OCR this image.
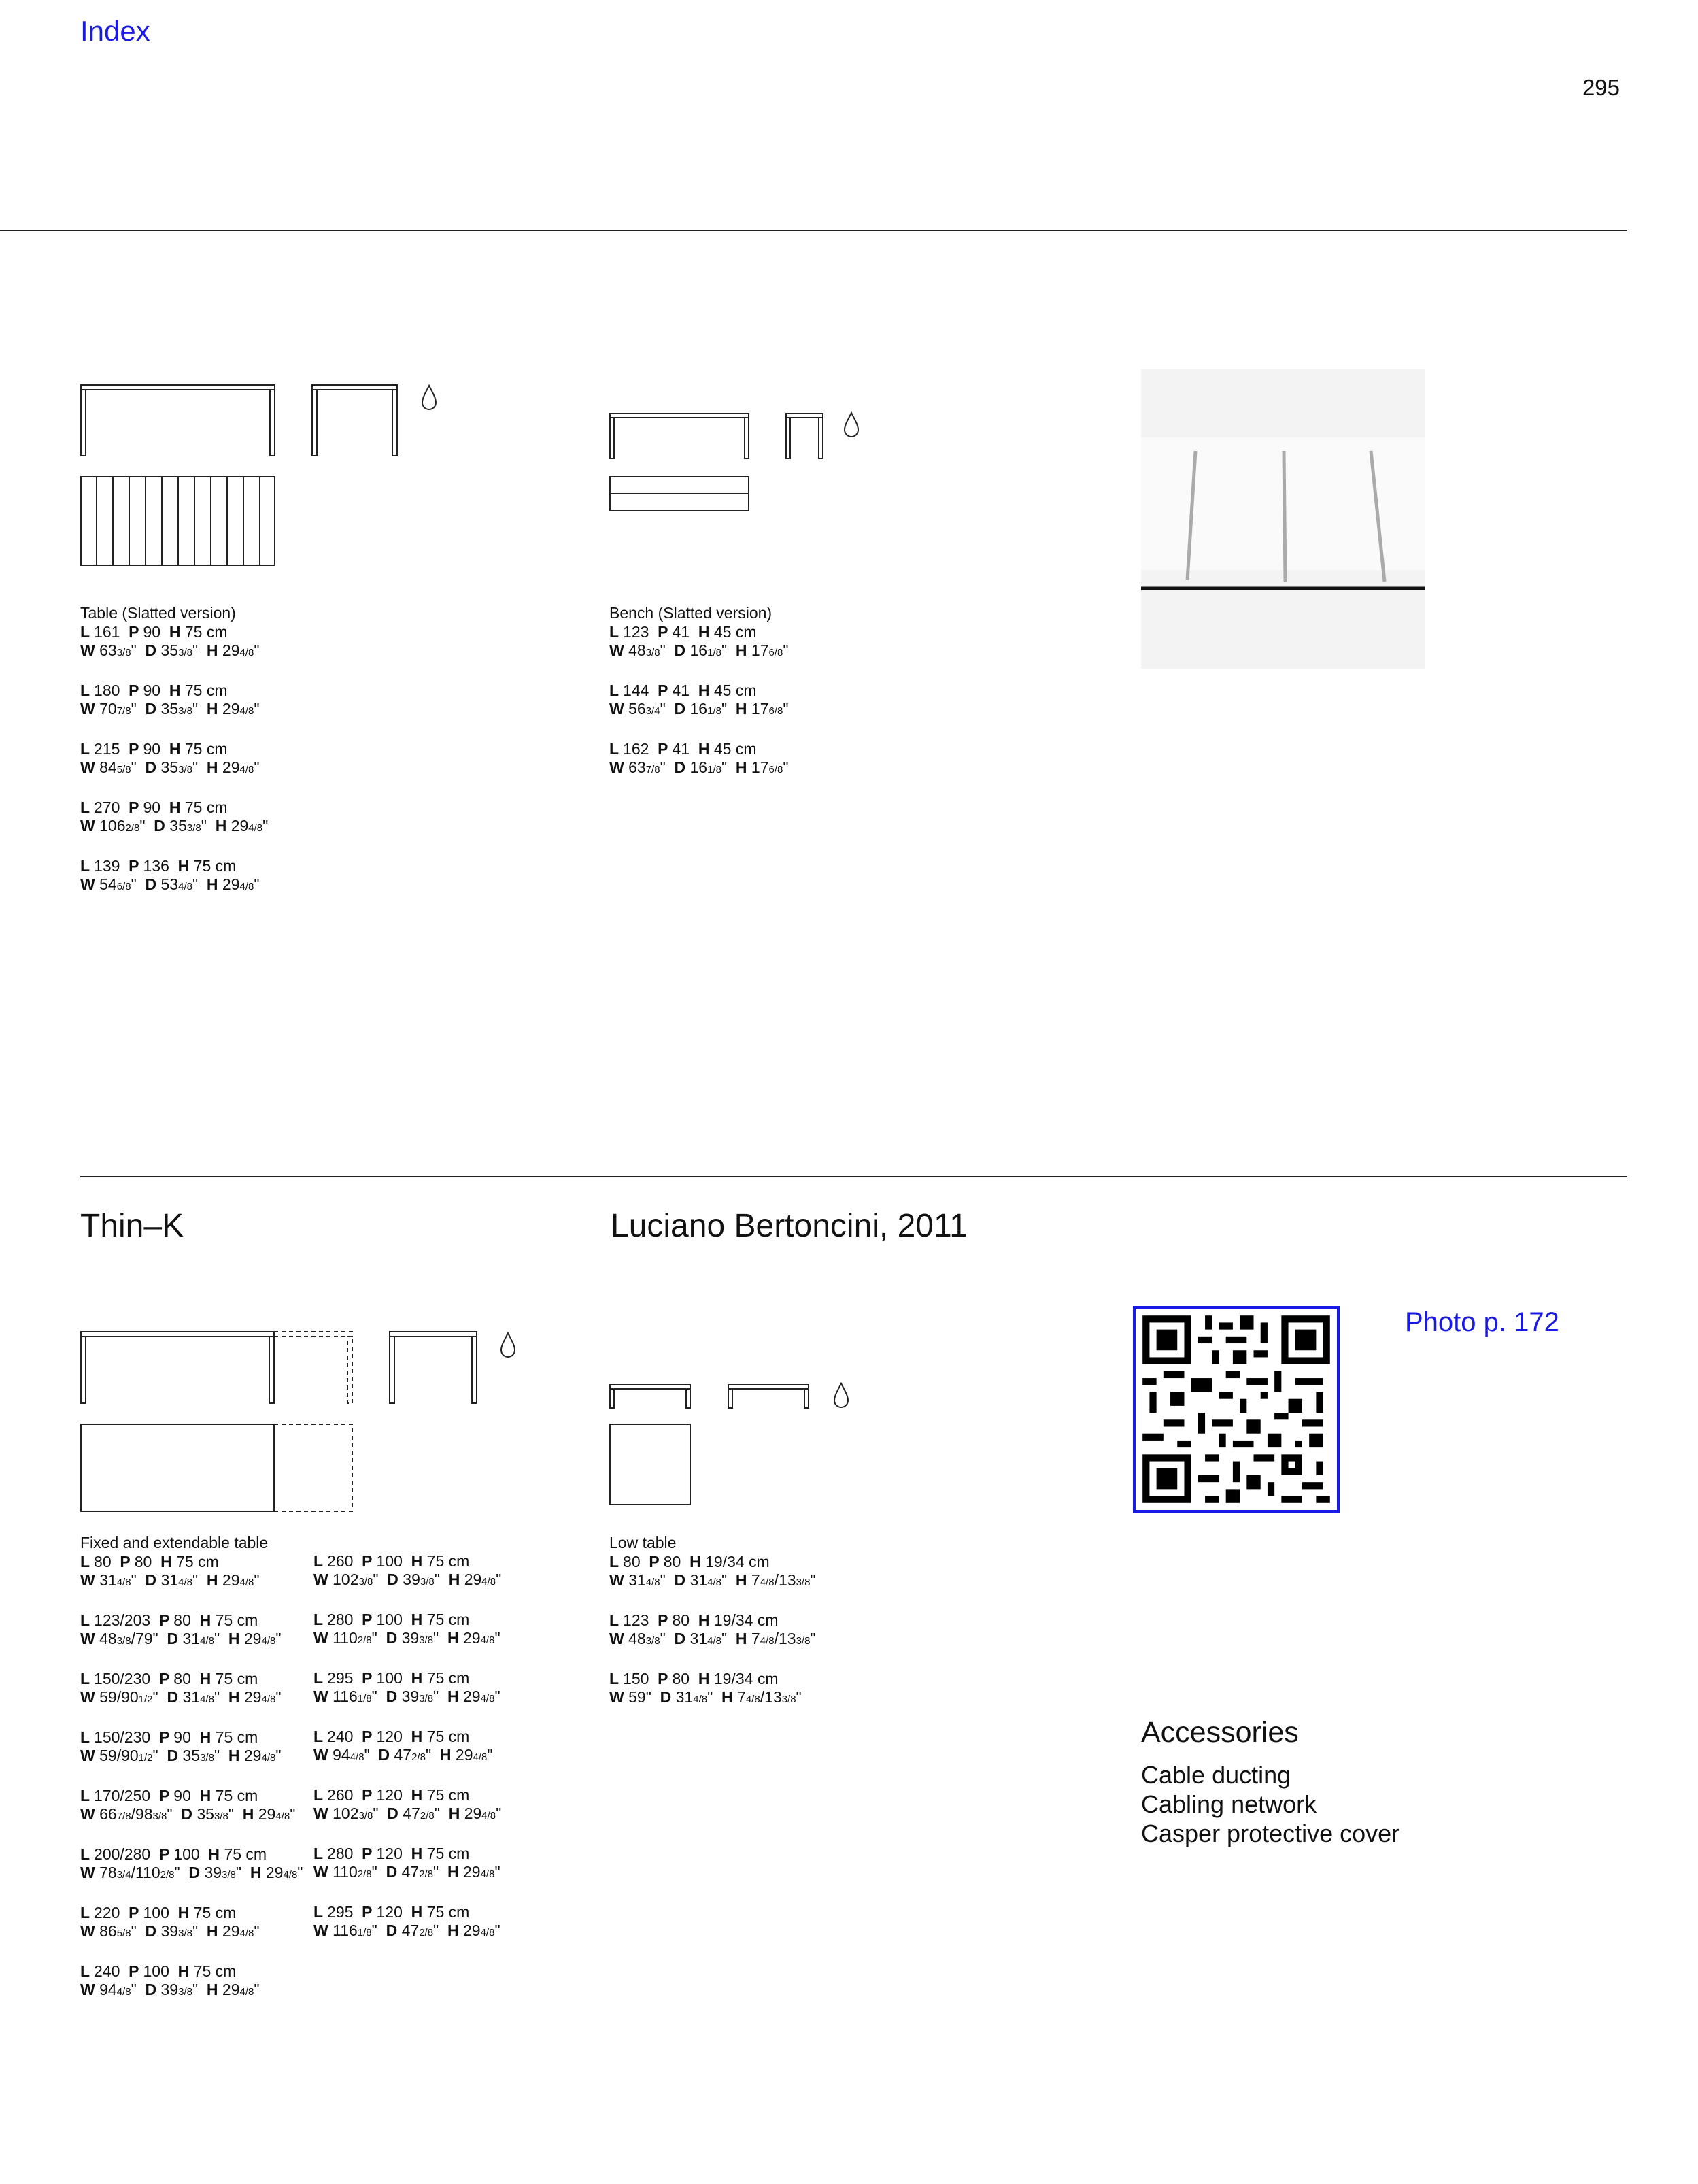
Index
295
Table (Slatted version)
L 161  P 90  H 75 cm
W 633/8"  D 353/8"  H 294/8"
L 180  P 90  H 75 cm
W 707/8"  D 353/8"  H 294/8"
L 215  P 90  H 75 cm
W 845/8"  D 353/8"  H 294/8"
L 270  P 90  H 75 cm
W 1062/8"  D 353/8"  H 294/8"
L 139  P 136  H 75 cm
W 546/8"  D 534/8"  H 294/8"
Bench (Slatted version)
L 123  P 41  H 45 cm
W 483/8"  D 161/8"  H 176/8"
L 144  P 41  H 45 cm
W 563/4"  D 161/8"  H 176/8"
L 162  P 41  H 45 cm
W 637/8"  D 161/8"  H 176/8"
Thin–K	Luciano Bertoncini, 2011
Photo p. 172
Fixed and extendable table
L 80  P 80  H 75 cm
W 314/8"  D 314/8"  H 294/8"
L 123/203  P 80  H 75 cm
W 483/8/79"  D 314/8"  H 294/8"
L 150/230  P 80  H 75 cm
W 59/901/2"  D 314/8"  H 294/8"
L 150/230  P 90  H 75 cm
W 59/901/2"  D 353/8"  H 294/8"
L 170/250  P 90  H 75 cm
W 667/8/983/8"  D 353/8"  H 294/8"
L 200/280  P 100  H 75 cm
W 783/4/1102/8"  D 393/8"  H 294/8"
L 220  P 100  H 75 cm
W 865/8"  D 393/8"  H 294/8"
L 240  P 100  H 75 cm
W 944/8"  D 393/8"  H 294/8"
L 260  P 100  H 75 cm
W 1023/8"  D 393/8"  H 294/8"
L 280  P 100  H 75 cm
W 1102/8"  D 393/8"  H 294/8"
L 295  P 100  H 75 cm
W 1161/8"  D 393/8"  H 294/8"
L 240  P 120  H 75 cm
W 944/8"  D 472/8"  H 294/8"
L 260  P 120  H 75 cm
W 1023/8"  D 472/8"  H 294/8"
L 280  P 120  H 75 cm
W 1102/8"  D 472/8"  H 294/8"
L 295  P 120  H 75 cm
W 1161/8"  D 472/8"  H 294/8"
Low table
L 80  P 80  H 19/34 cm
W 314/8"  D 314/8"  H 74/8/133/8"
L 123  P 80  H 19/34 cm
W 483/8"  D 314/8"  H 74/8/133/8"
L 150  P 80  H 19/34 cm
W 59"  D 314/8"  H 74/8/133/8"
Accessories
Cable ducting
Cabling network
Casper protective cover
